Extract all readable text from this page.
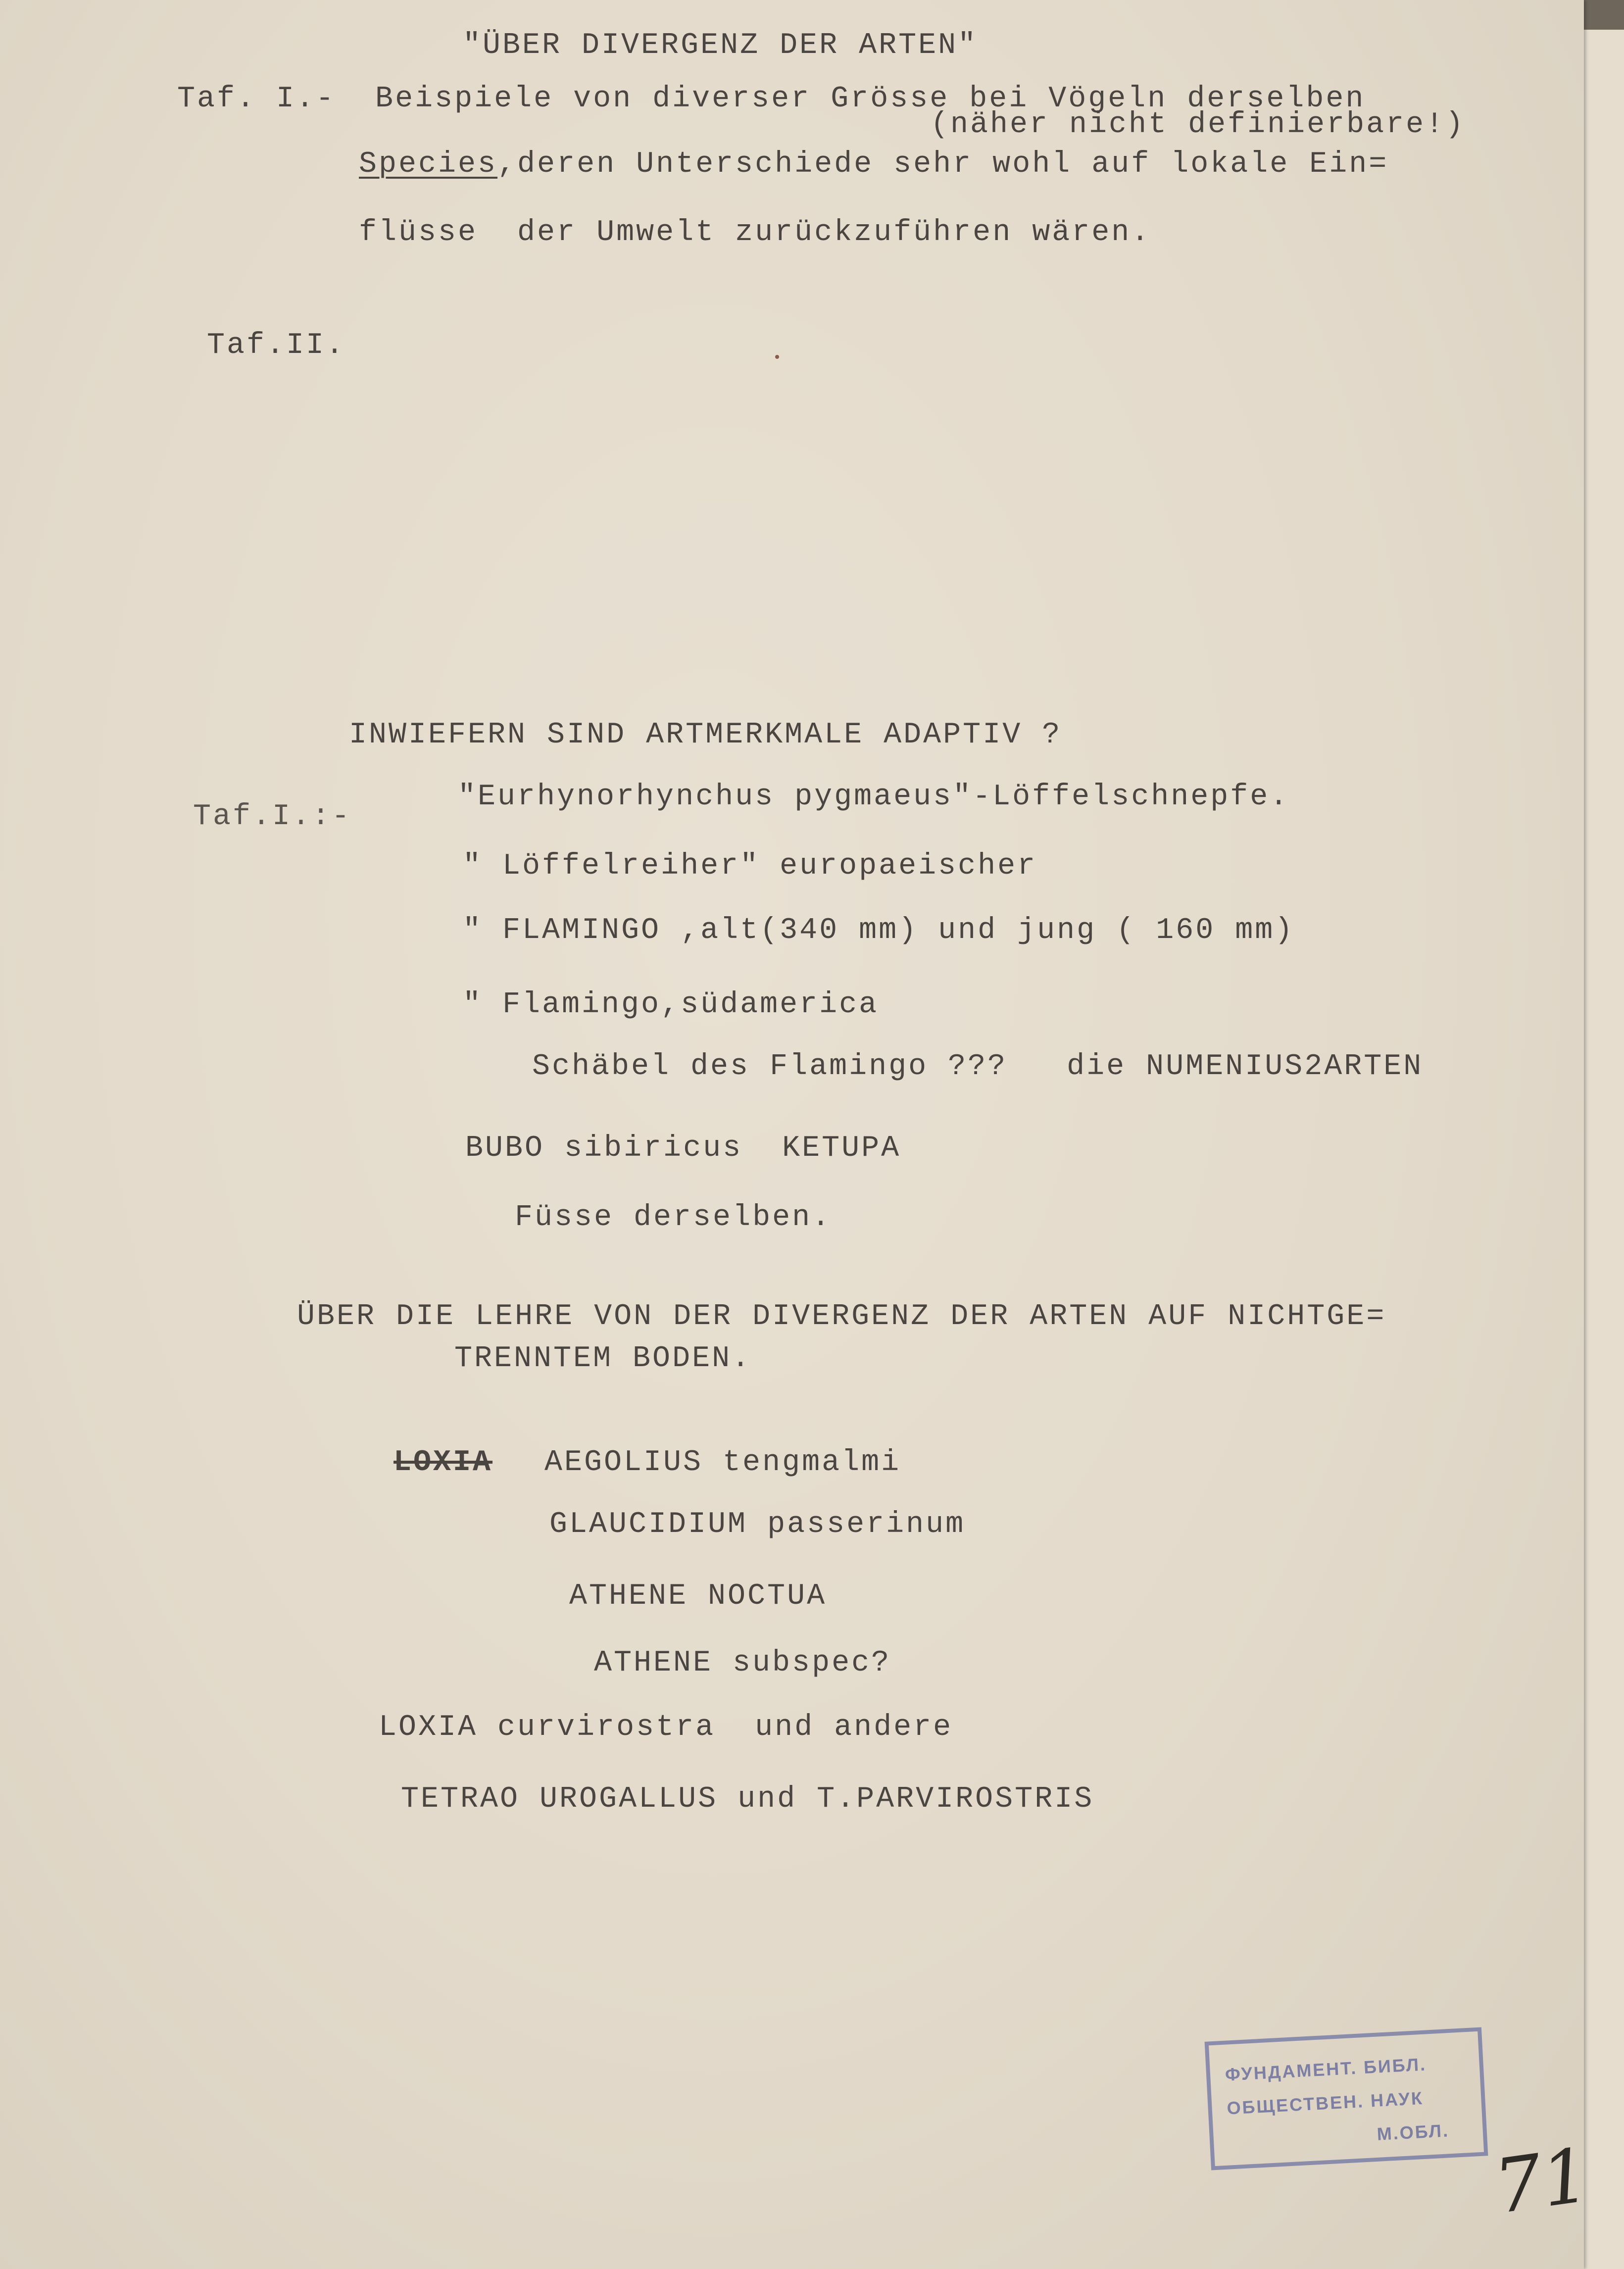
"ÜBER DIVERGENZ DER ARTEN"
Taf. I.-  Beispiele von diverser Grösse bei Vögeln derselben
(näher nicht definierbare!)
Species,deren Unterschiede sehr wohl auf lokale Ein=
flüsse  der Umwelt zurückzuführen wären.
Taf.II.
INWIEFERN SIND ARTMERKMALE ADAPTIV ?
Taf.I.:-
"Eurhynorhynchus pygmaeus"-Löffelschnepfe.
" Löffelreiher" europaeischer
" FLAMINGO ,alt(340 mm) und jung ( 160 mm)
" Flamingo,südamerica
Schäbel des Flamingo ???   die NUMENIUS2ARTEN
BUBO sibiricus  KETUPA
Füsse derselben.
ÜBER DIE LEHRE VON DER DIVERGENZ DER ARTEN AUF NICHTGE=
TRENNTEM BODEN.
LOXIA AEGOLIUS tengmalmi
GLAUCIDIUM passerinum
ATHENE NOCTUA
ATHENE subspec?
LOXIA curvirostra  und andere
TETRAO UROGALLUS und T.PARVIROSTRIS
ФУНДАМЕНТ. БИБЛ.
ОБЩЕСТВЕН. НАУК
М.ОБЛ.
71
